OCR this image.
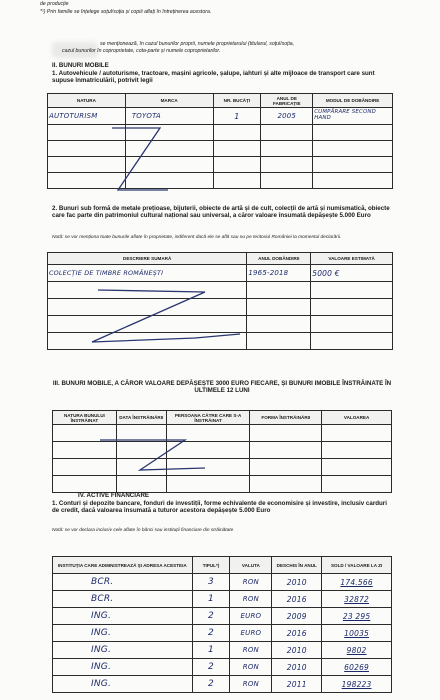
de producție
*¹) Prin familie se înțelege soțul/soția și copiii aflați în întreținerea acestora.
se menționează, în cazul bunurilor proprii, numele proprietarului (titularul, soțul/soția,
cazul bunurilor în coproprietate, cota-parte și numele coproprietarilor.
II. BUNURI MOBILE
1. Autovehicule / autoturisme, tractoare, mașini agricole, șalupe, iahturi și alte mijloace de transport care sunt supuse înmatriculării, potrivit legii
NATURA	MARCA	NR. BUCĂȚI	ANUL DE FABRICAȚIE	MODUL DE DOBÂNDIRE
AUTOTURISM	TOYOTA	1	2005	CUMPĂRARE SECOND HAND

2. Bunuri sub formă de metale prețioase, bijuterii, obiecte de artă și de cult, colecții de artă și numismatică, obiecte care fac parte din patrimoniul cultural național sau universal, a căror valoare însumată depășește 5.000 Euro
Notă: se vor menționa toate bunurile aflate în proprietate, indiferent dacă ele se află sau nu pe teritoriul României la momentul declarării.
DESCRIERE SUMARĂ	ANUL DOBÂNDIRII	VALOARE ESTIMATĂ
COLECȚIE DE TIMBRE ROMÂNEȘTI	1965-2018	5000 €

III. BUNURI MOBILE, A CĂROR VALOARE DEPĂȘEȘTE 3000 EURO FIECARE, ȘI BUNURI IMOBILE ÎNSTRĂINATE ÎN ULTIMELE 12 LUNI
NATURA BUNULUI ÎNSTRĂINAT	DATA ÎNSTRĂINĂRII	PERSOANA CĂTRE CARE S-A ÎNSTRĂINAT	FORMA ÎNSTRĂINĂRII	VALOAREA

IV. ACTIVE FINANCIARE
1. Conturi și depozite bancare, fonduri de investiții, forme echivalente de economisire și investire, inclusiv carduri de credit, dacă valoarea însumată a tuturor acestora depășește 5.000 Euro
Notă: se vor declara inclusiv cele aflate în bănci sau instituții financiare din străinătate
INSTITUȚIA CARE ADMINISTREAZĂ ȘI ADRESA ACESTEIA	TIPUL*)	VALUTA	DESCHIS ÎN ANUL	SOLD / VALOARE LA ZI
BCR.	3	RON	2010	174.566
BCR.	1	RON	2016	32872
ING.	2	EURO	2009	23 295
ING.	2	EURO	2016	10035
ING.	1	RON	2010	9802
ING.	2	RON	2010	60269
ING.	2	RON	2011	198223
